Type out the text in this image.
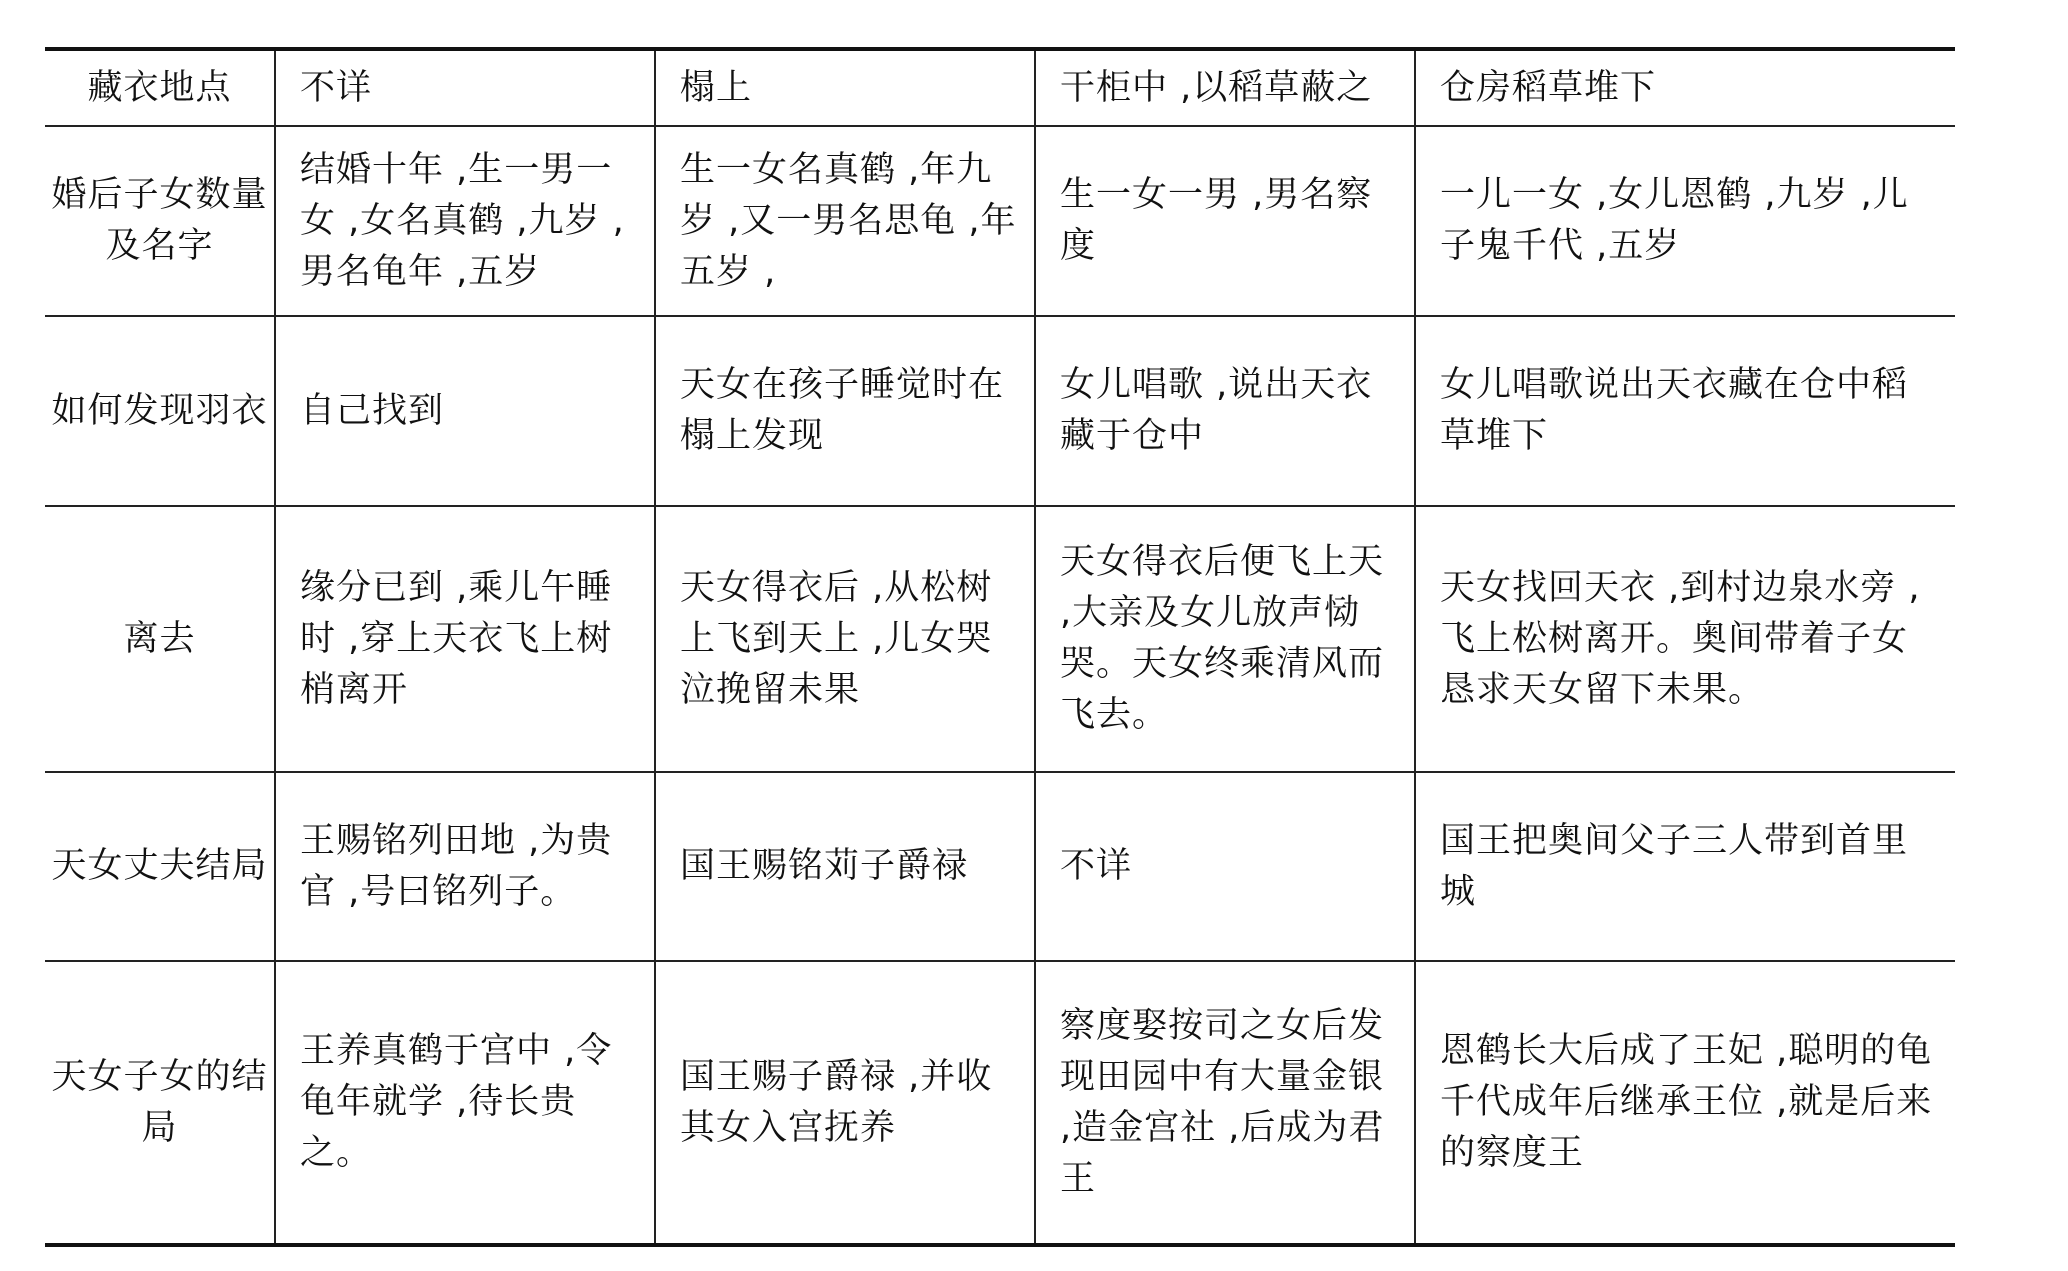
藏衣地点	不详	榻上	干柜中 ,以稻草蔽之	仓房稻草堆下
婚后子女数量及名字	结婚十年 ,生一男一女 ,女名真鹤 ,九岁 ,男名龟年 ,五岁	生一女名真鹤 ,年九岁 ,又一男名思龟 ,年五岁 ,	生一女一男 ,男名察度	一儿一女 ,女儿恩鹤 ,九岁 ,儿子鬼千代 ,五岁
如何发现羽衣	自己找到	天女在孩子睡觉时在榻上发现	女儿唱歌 ,说出天衣藏于仓中	女儿唱歌说出天衣藏在仓中稻草堆下
离去	缘分已到 ,乘儿午睡时 ,穿上天衣飞上树梢离开	天女得衣后 ,从松树上飞到天上 ,儿女哭泣挽留未果	天女得衣后便飞上天 ,大亲及女儿放声恸哭。天女终乘清风而飞去。	天女找回天衣 ,到村边泉水旁 ,飞上松树离开。奥间带着子女恳求天女留下未果。
天女丈夫结局	王赐铭列田地 ,为贵官 ,号曰铭列子。	国王赐铭苅子爵禄	不详	国王把奥间父子三人带到首里城
天女子女的结局	王养真鹤于宫中 ,令龟年就学 ,待长贵之。	国王赐子爵禄 ,并收其女入宫抚养	察度娶按司之女后发现田园中有大量金银 ,造金宫社 ,后成为君王	恩鹤长大后成了王妃 ,聪明的龟千代成年后继承王位 ,就是后来的察度王
